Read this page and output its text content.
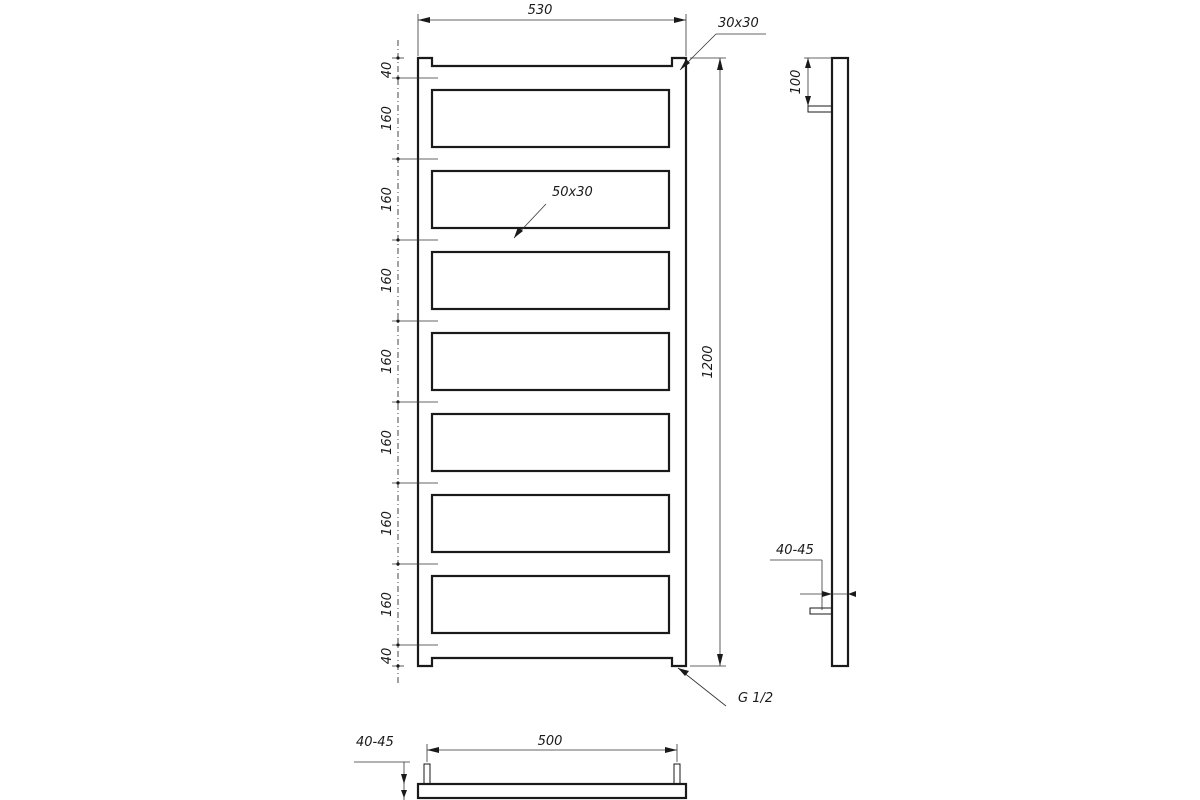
530
30x30
50x30
1200
G 1/2
40
160
160
160
160
160
160
160
40
100
40-45
500
40-45
